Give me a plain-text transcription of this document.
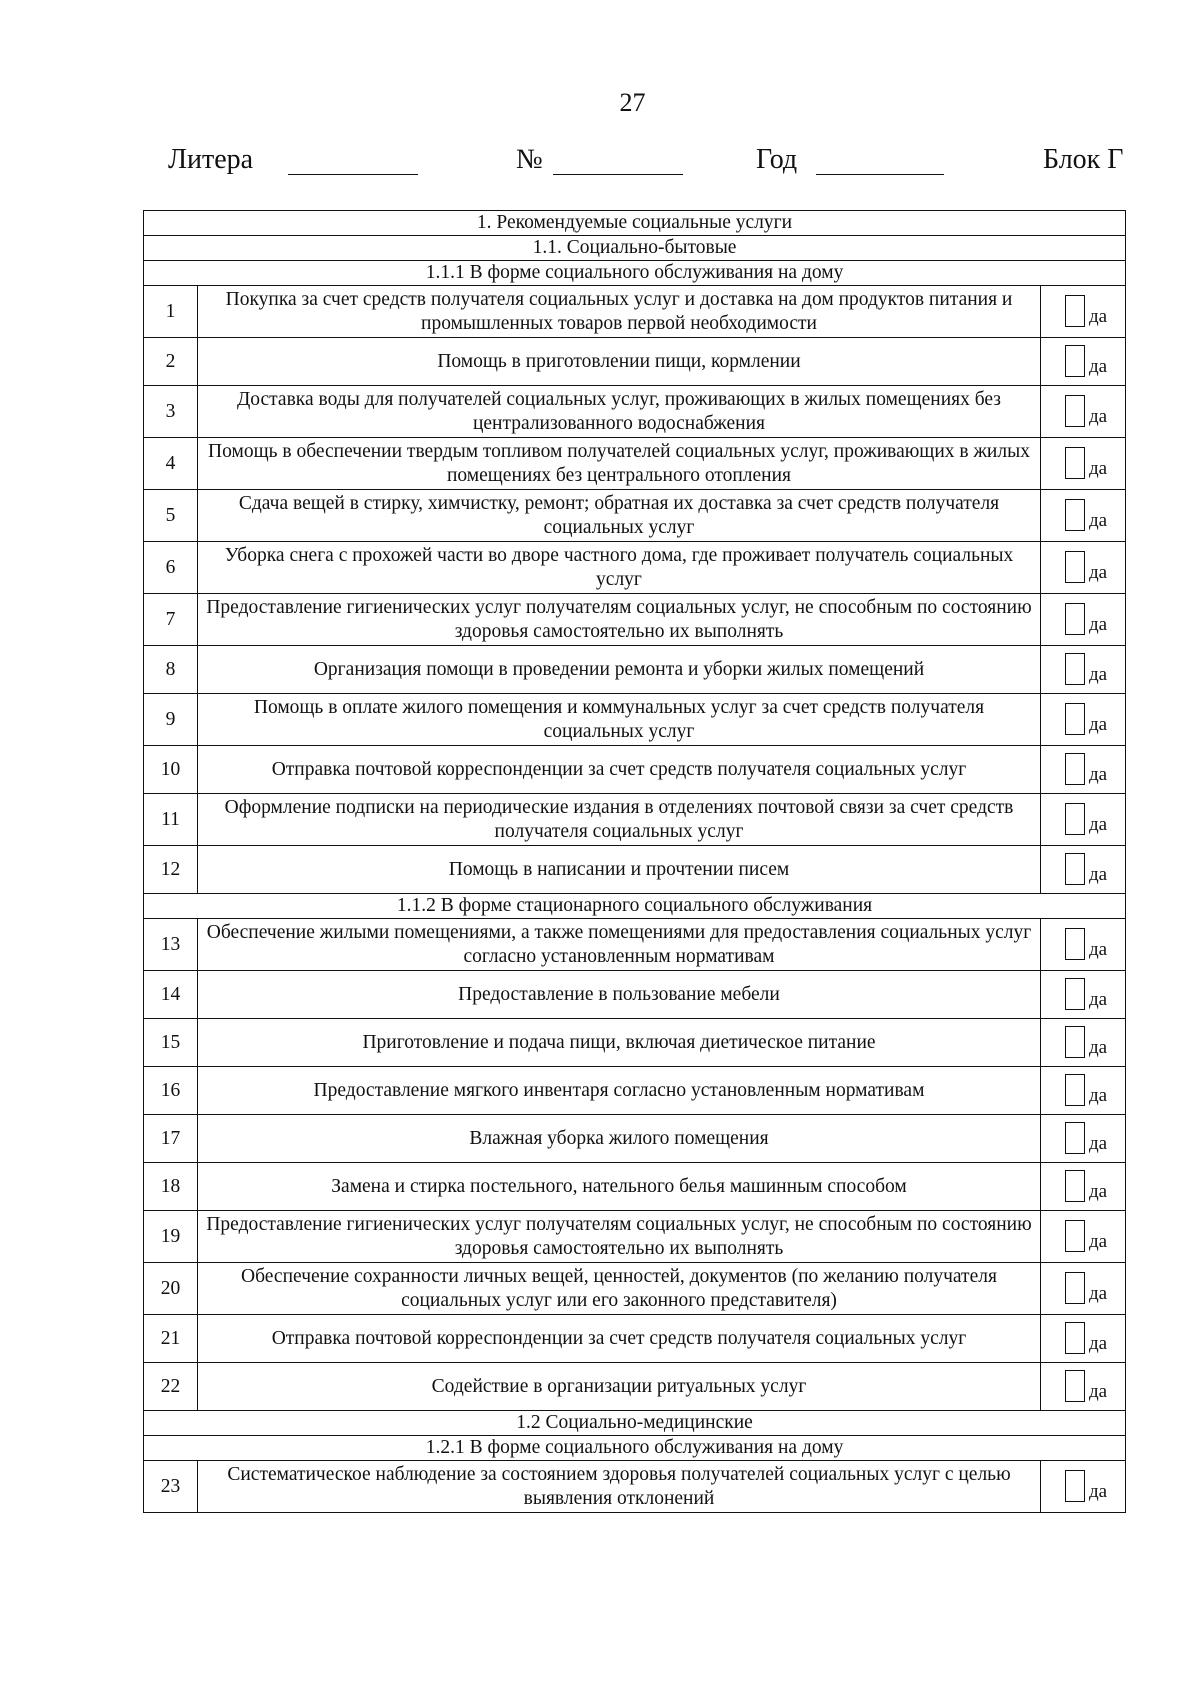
27
Литера	№	Год	Блок Г
1. Рекомендуемые социальные услуги		
1.1. Социально-бытовые		
1.1.1 В форме социального обслуживания на дому		
1	Покупка за счет средств получателя социальных услуг и доставка на дом продуктов питания и промышленных товаров первой необходимости	да

2	Помощь в приготовлении пищи, кормлении	да

3	Доставка воды для получателей социальных услуг, проживающих в жилых помещениях без централизованного водоснабжения	да

4	Помощь в обеспечении твердым топливом получателей социальных услуг, проживающих в жилых помещениях без центрального отопления	да

5	Сдача вещей в стирку, химчистку, ремонт; обратная их доставка за счет средств получателя социальных услуг	да

6	Уборка снега с прохожей части во дворе частного дома, где проживает получатель социальных услуг	да

7	Предоставление гигиенических услуг получателям социальных услуг, не способным по состоянию здоровья самостоятельно их выполнять	да

8	Организация помощи в проведении ремонта и уборки жилых помещений	да

9	Помощь в оплате жилого помещения и коммунальных услуг за счет средств получателя социальных услуг	да

10	Отправка почтовой корреспонденции за счет средств получателя социальных услуг	да

11	Оформление подписки на периодические издания в отделениях почтовой связи за счет средств получателя социальных услуг	да

12	Помощь в написании и прочтении писем	да

1.1.2 В форме стационарного социального обслуживания		
13	Обеспечение жилыми помещениями, а также помещениями для предоставления социальных услуг согласно установленным нормативам	да

14	Предоставление в пользование мебели	да

15	Приготовление и подача пищи, включая диетическое питание	да

16	Предоставление мягкого инвентаря согласно установленным нормативам	да

17	Влажная уборка жилого помещения	да

18	Замена и стирка постельного, нательного белья машинным способом	да

19	Предоставление гигиенических услуг получателям социальных услуг, не способным по состоянию здоровья самостоятельно их выполнять	да

20	Обеспечение сохранности личных вещей, ценностей, документов (по желанию получателя социальных услуг или его законного представителя)	да

21	Отправка почтовой корреспонденции за счет средств получателя социальных услуг	да

22	Содействие в организации ритуальных услуг	да

1.2 Социально-медицинские		
1.2.1 В форме социального обслуживания на дому		
23	Систематическое наблюдение за состоянием здоровья получателей социальных услуг с целью выявления отклонений	да
